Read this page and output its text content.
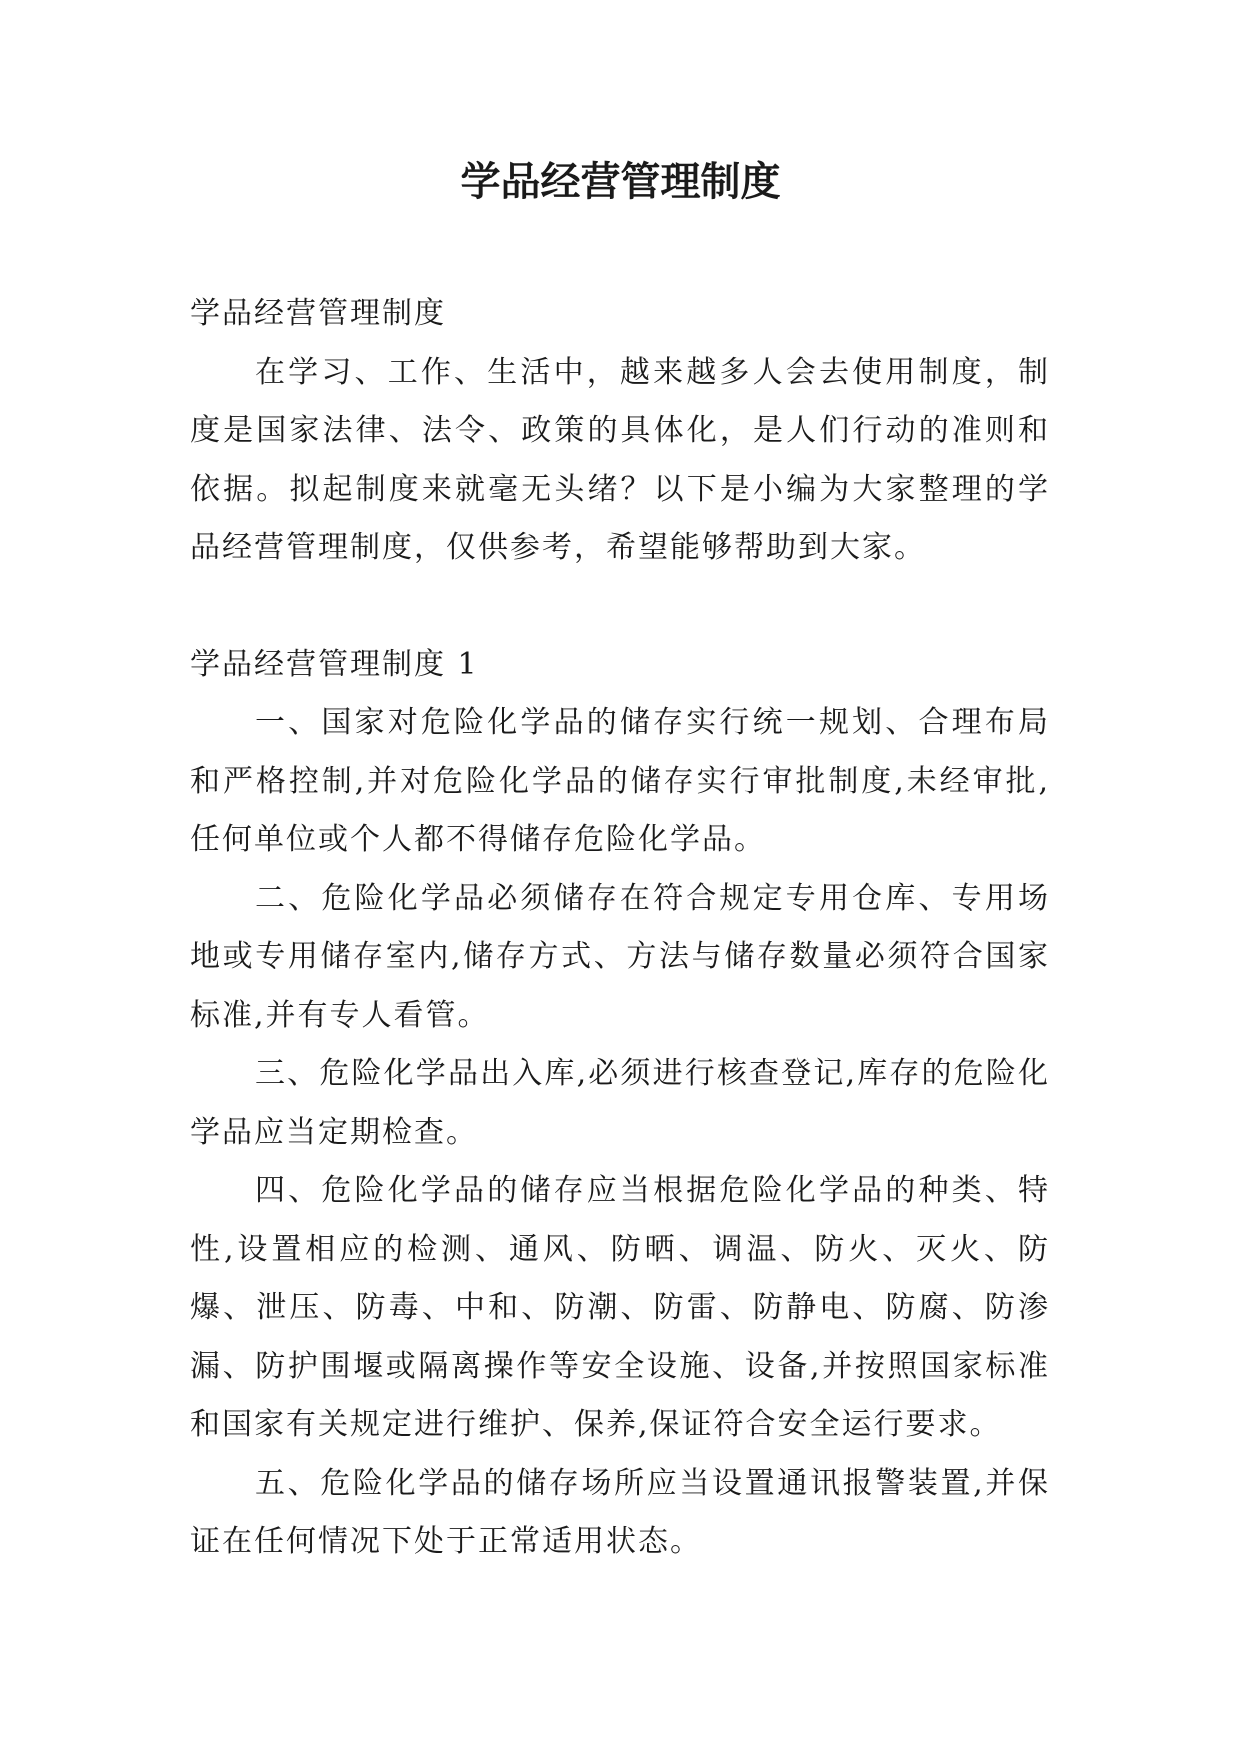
学品经营管理制度

学品经营管理制度

在学习、工作、生活中，越来越多人会去使用制度，制度是国家法律、法令、政策的具体化，是人们行动的准则和依据。拟起制度来就毫无头绪？以下是小编为大家整理的学品经营管理制度，仅供参考，希望能够帮助到大家。

学品经营管理制度 1

一、国家对危险化学品的储存实行统一规划、合理布局和严格控制,并对危险化学品的储存实行审批制度,未经审批,任何单位或个人都不得储存危险化学品。

二、危险化学品必须储存在符合规定专用仓库、专用场地或专用储存室内,储存方式、方法与储存数量必须符合国家标准,并有专人看管。

三、危险化学品出入库,必须进行核查登记,库存的危险化学品应当定期检查。

四、危险化学品的储存应当根据危险化学品的种类、特性,设置相应的检测、通风、防晒、调温、防火、灭火、防爆、泄压、防毒、中和、防潮、防雷、防静电、防腐、防渗漏、防护围堰或隔离操作等安全设施、设备,并按照国家标准和国家有关规定进行维护、保养,保证符合安全运行要求。

五、危险化学品的储存场所应当设置通讯报警装置,并保证在任何情况下处于正常适用状态。
